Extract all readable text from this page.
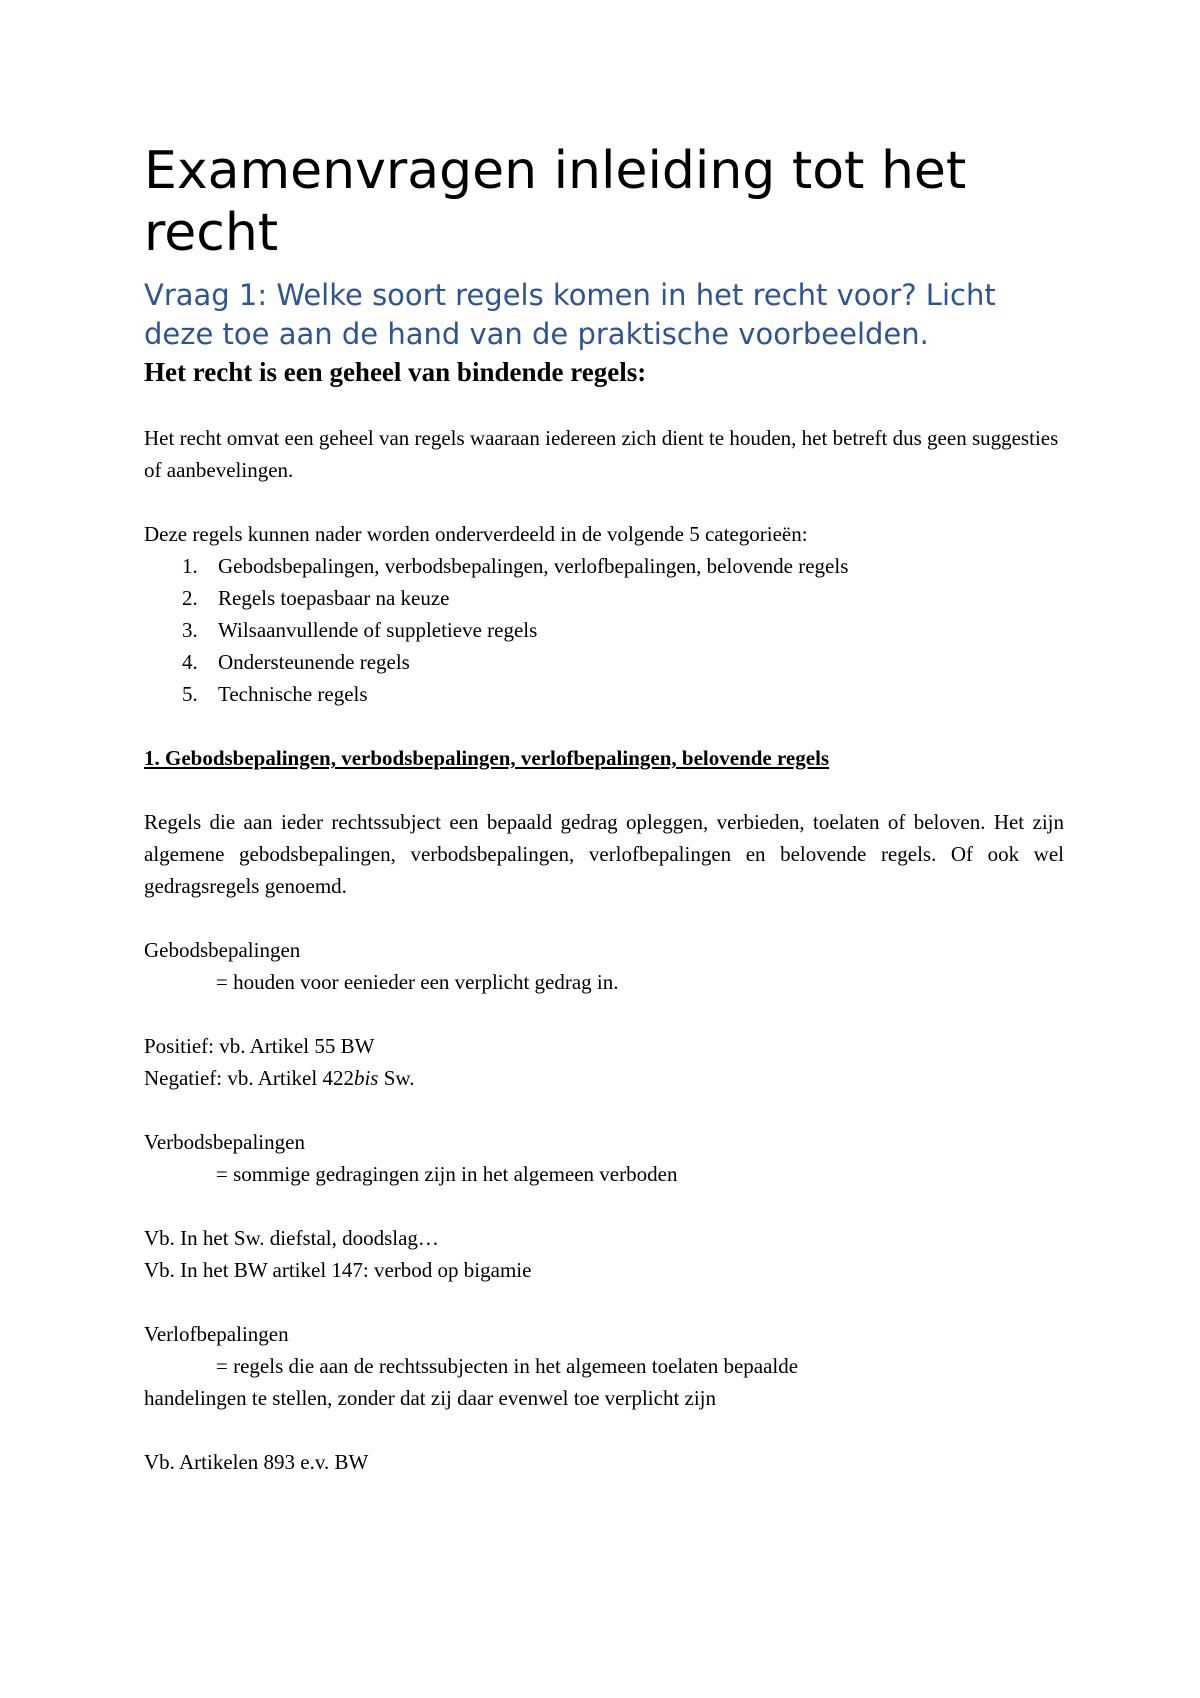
Examenvragen inleiding tot het recht
Vraag 1: Welke soort regels komen in het recht voor? Licht deze toe aan de hand van de praktische voorbeelden.
Het recht is een geheel van bindende regels:

Het recht omvat een geheel van regels waaraan iedereen zich dient te houden, het betreft dus geen suggesties of aanbevelingen.

Deze regels kunnen nader worden onderverdeeld in de volgende 5 categorieën:

1. Gebodsbepalingen, verbodsbepalingen, verlofbepalingen, belovende regels
2. Regels toepasbaar na keuze
3. Wilsaanvullende of suppletieve regels
4. Ondersteunende regels
5. Technische regels

1. Gebodsbepalingen, verbodsbepalingen, verlofbepalingen, belovende regels

Regels die aan ieder rechtssubject een bepaald gedrag opleggen, verbieden, toelaten of beloven. Het zijn algemene gebodsbepalingen, verbodsbepalingen, verlofbepalingen en belovende regels. Of ook wel gedragsregels genoemd.

Gebodsbepalingen

= houden voor eenieder een verplicht gedrag in.

Positief: vb. Artikel 55 BW

Negatief: vb. Artikel 422bis Sw.

Verbodsbepalingen

= sommige gedragingen zijn in het algemeen verboden

Vb. In het Sw. diefstal, doodslag…

Vb. In het BW artikel 147: verbod op bigamie

Verlofbepalingen

= regels die aan de rechtssubjecten in het algemeen toelaten bepaalde

handelingen te stellen, zonder dat zij daar evenwel toe verplicht zijn

Vb. Artikelen 893 e.v. BW
